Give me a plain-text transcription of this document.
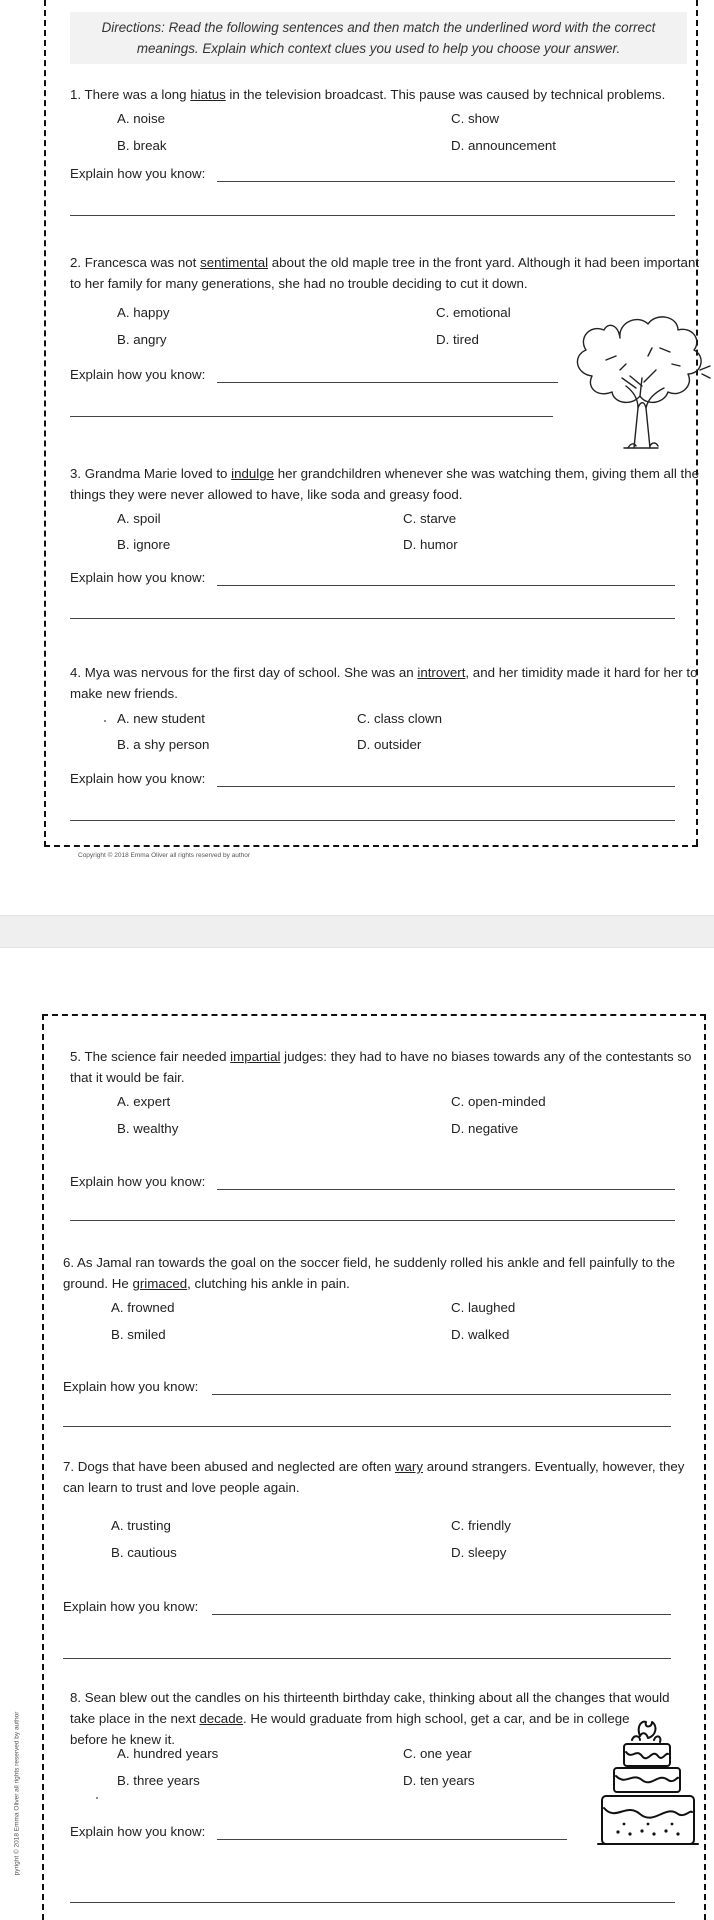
Directions: Read the following sentences and then match the underlined word with the correct meanings. Explain which context clues you used to help you choose your answer.
1. There was a long hiatus in the television broadcast. This pause was caused by technical problems.
A. noise
B. break
C. show
D. announcement
Explain how you know:
2. Francesca was not sentimental about the old maple tree in the front yard. Although it had been important to her family for many generations, she had no trouble deciding to cut it down.
A. happy
B. angry
C. emotional
D. tired
Explain how you know:
3. Grandma Marie loved to indulge her grandchildren whenever she was watching them, giving them all the things they were never allowed to have, like soda and greasy food.
A. spoil
B. ignore
C. starve
D. humor
Explain how you know:
4. Mya was nervous for the first day of school. She was an introvert, and her timidity made it hard for her to make new friends.
A. new student
B. a shy person
C. class clown
D. outsider
Explain how you know:
Copyright © 2018 Emma Oliver all rights reserved by author
5. The science fair needed impartial judges: they had to have no biases towards any of the contestants so that it would be fair.
A. expert
B. wealthy
C. open-minded
D. negative
Explain how you know:
6. As Jamal ran towards the goal on the soccer field, he suddenly rolled his ankle and fell painfully to the ground. He grimaced, clutching his ankle in pain.
A. frowned
B. smiled
C. laughed
D. walked
Explain how you know:
7. Dogs that have been abused and neglected are often wary around strangers. Eventually, however, they can learn to trust and love people again.
A. trusting
B. cautious
C. friendly
D. sleepy
Explain how you know:
8. Sean blew out the candles on his thirteenth birthday cake, thinking about all the changes that would take place in the next decade. He would graduate from high school, get a car, and be in college before he knew it.
A. hundred years
B. three years
C. one year
D. ten years
Explain how you know:
pyright © 2018 Emma Oliver all rights reserved by author
